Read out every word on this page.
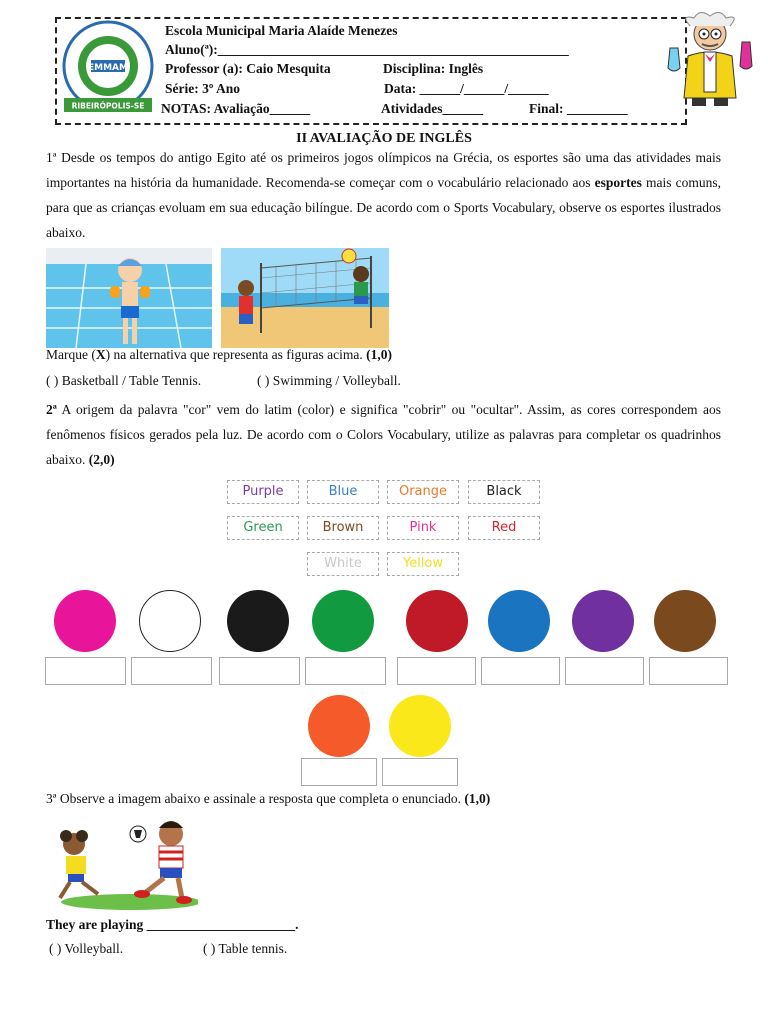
EMMAM
RIBEIRÓPOLIS-SE
Escola Municipal Maria Alaíde Menezes
Aluno(ª):____________________________________________________
Professor (a): Caio Mesquita	Disciplina: Inglês
Série: 3º Ano	Data: ______/______/______
NOTAS: Avaliação______	Atividades______	Final: _________
II AVALIAÇÃO DE INGLÊS
1ª Desde os tempos do antigo Egito até os primeiros jogos olímpicos na Grécia, os esportes são uma das atividades mais importantes na história da humanidade. Recomenda-se começar com o vocabulário relacionado aos esportes mais comuns, para que as crianças evoluam em sua educação bilíngue. De acordo com o Sports Vocabulary, observe os esportes ilustrados abaixo.
Marque (X) na alternativa que representa as figuras acima. (1,0)
( ) Basketball / Table Tennis.	( ) Swimming / Volleyball.
2ª A origem da palavra "cor" vem do latim (color) e significa "cobrir" ou "ocultar". Assim, as cores correspondem aos fenômenos físicos gerados pela luz. De acordo com o Colors Vocabulary, utilize as palavras para completar os quadrinhos abaixo. (2,0)
Purple	Blue	Orange	Black
Green	Brown	Pink	Red
White	Yellow
3ª Observe a imagem abaixo e assinale a resposta que completa o enunciado. (1,0)
They are playing ______________________.
( ) Volleyball.	( ) Table tennis.
